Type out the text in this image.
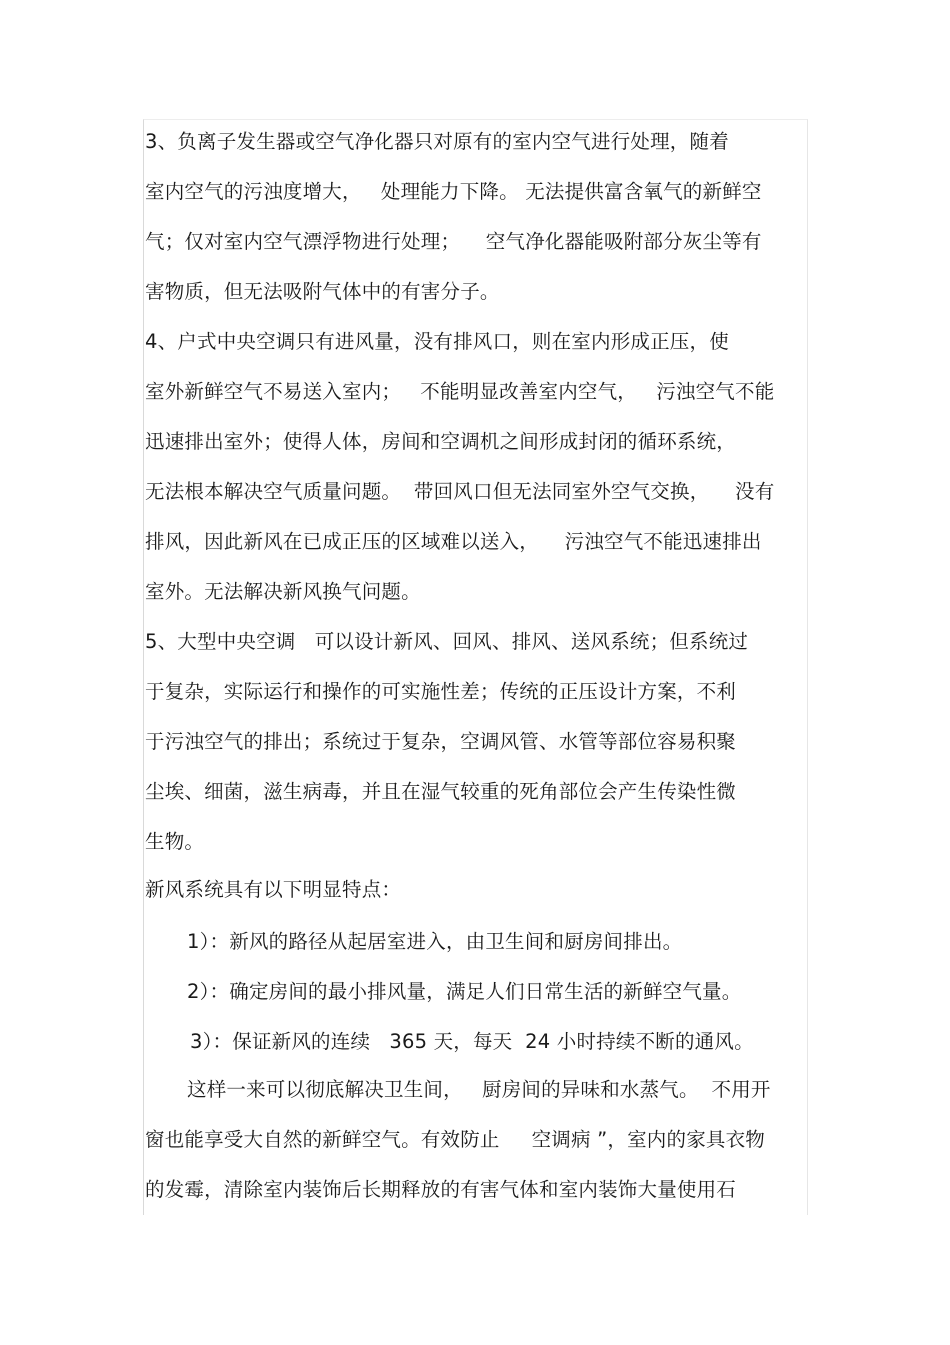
3、负离子发生器或空气净化器只对原有的室内空气进行处理，随着
室内空气的污浊度增大，   处理能力下降。 无法提供富含氧气的新鲜空
气；仅对室内空气漂浮物进行处理；    空气净化器能吸附部分灰尘等有
害物质，但无法吸附气体中的有害分子。
4、户式中央空调只有进风量，没有排风口，则在室内形成正压，使
室外新鲜空气不易送入室内；   不能明显改善室内空气，   污浊空气不能
迅速排出室外；使得人体，房间和空调机之间形成封闭的循环系统，
无法根本解决空气质量问题。  带回风口但无法同室外空气交换，    没有
排风，因此新风在已成正压的区域难以送入，    污浊空气不能迅速排出
室外。无法解决新风换气问题。
5、大型中央空调   可以设计新风、回风、排风、送风系统；但系统过
于复杂，实际运行和操作的可实施性差；传统的正压设计方案，不利
于污浊空气的排出；系统过于复杂，空调风管、水管等部位容易积聚
尘埃、细菌，滋生病毒，并且在湿气较重的死角部位会产生传染性微
生物。
新风系统具有以下明显特点：
1）：新风的路径从起居室进入，由卫生间和厨房间排出。
2）：确定房间的最小排风量，满足人们日常生活的新鲜空气量。
3）：保证新风的连续   365 天，每天  24 小时持续不断的通风。
这样一来可以彻底解决卫生间，   厨房间的异味和水蒸气。  不用开
窗也能享受大自然的新鲜空气。有效防止     空调病 ”，室内的家具衣物
的发霉，清除室内装饰后长期释放的有害气体和室内装饰大量使用石
